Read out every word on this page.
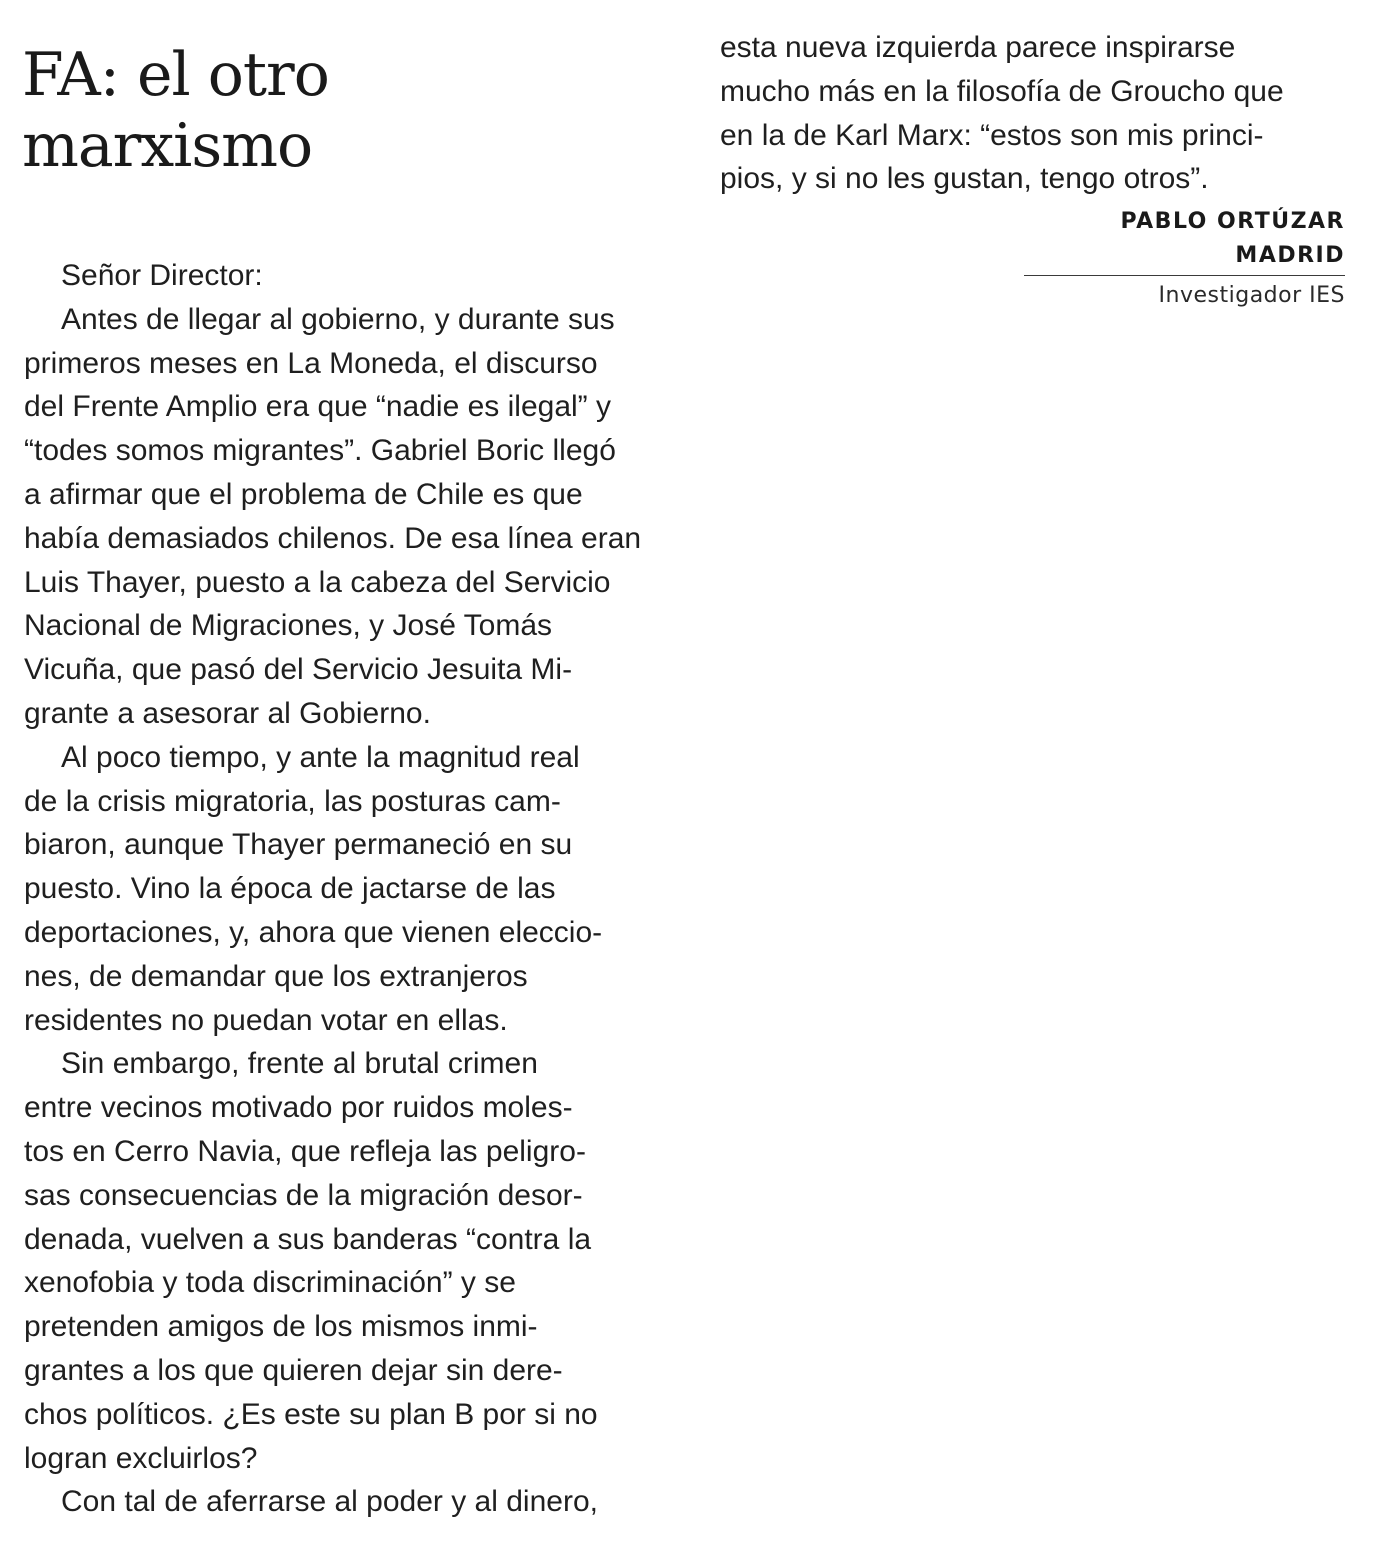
FA: el otro
marxismo
Señor Director:
Antes de llegar al gobierno, y durante sus
primeros meses en La Moneda, el discurso
del Frente Amplio era que “nadie es ilegal” y
“todes somos migrantes”. Gabriel Boric llegó
a afirmar que el problema de Chile es que
había demasiados chilenos. De esa línea eran
Luis Thayer, puesto a la cabeza del Servicio
Nacional de Migraciones, y José Tomás
Vicuña, que pasó del Servicio Jesuita Mi-
grante a asesorar al Gobierno.
Al poco tiempo, y ante la magnitud real
de la crisis migratoria, las posturas cam-
biaron, aunque Thayer permaneció en su
puesto. Vino la época de jactarse de las
deportaciones, y, ahora que vienen eleccio-
nes, de demandar que los extranjeros
residentes no puedan votar en ellas.
Sin embargo, frente al brutal crimen
entre vecinos motivado por ruidos moles-
tos en Cerro Navia, que refleja las peligro-
sas consecuencias de la migración desor-
denada, vuelven a sus banderas “contra la
xenofobia y toda discriminación” y se
pretenden amigos de los mismos inmi-
grantes a los que quieren dejar sin dere-
chos políticos. ¿Es este su plan B por si no
logran excluirlos?
Con tal de aferrarse al poder y al dinero,
esta nueva izquierda parece inspirarse
mucho más en la filosofía de Groucho que
en la de Karl Marx: “estos son mis princi-
pios, y si no les gustan, tengo otros”.
PABLO ORTÚZAR MADRID
Investigador IES
